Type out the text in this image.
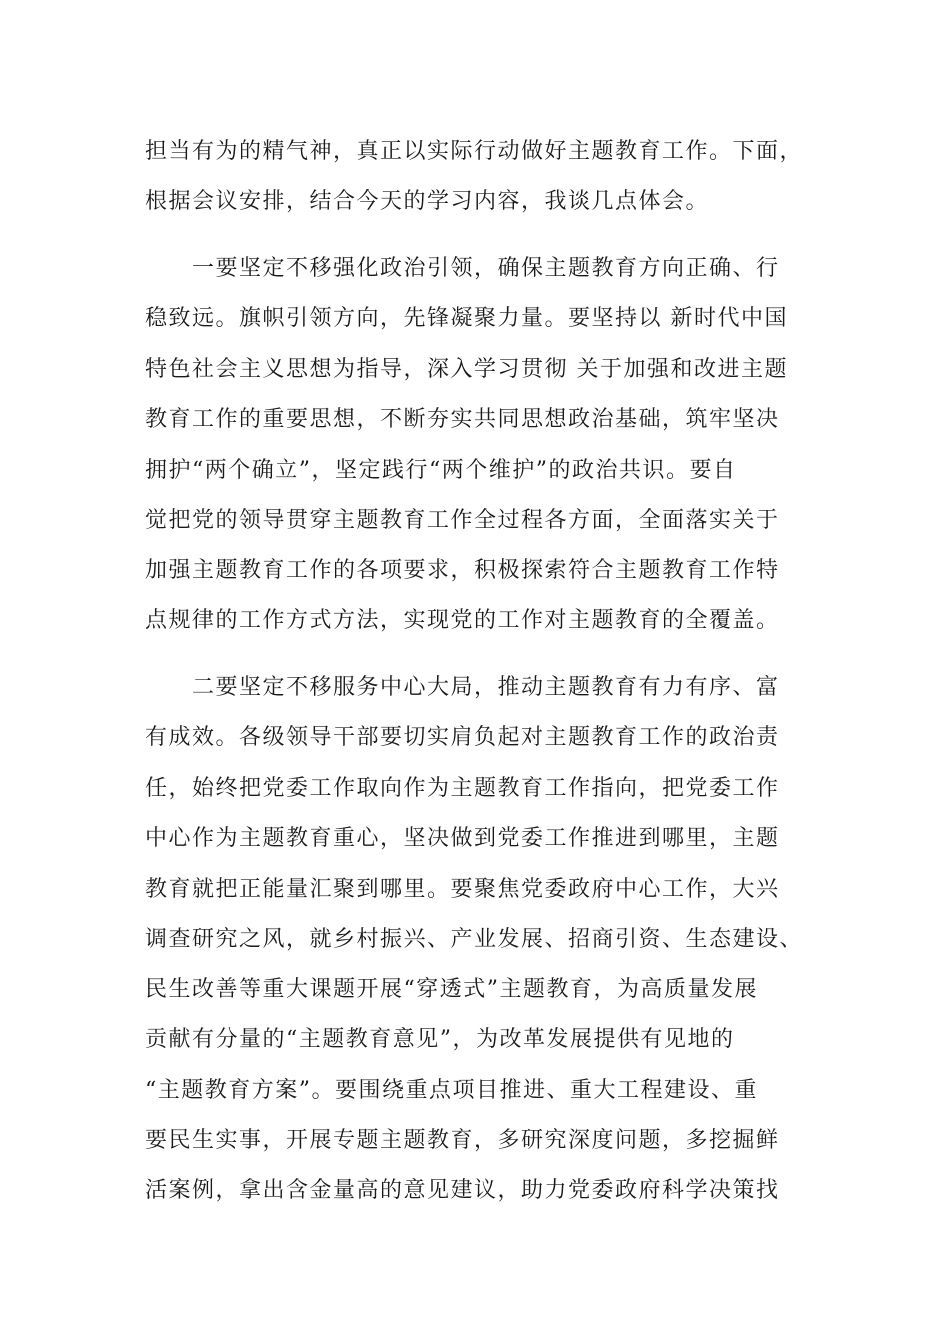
担当有为的精气神，真正以实际行动做好主题教育工作。下面，
根据会议安排，结合今天的学习内容，我谈几点体会。
一要坚定不移强化政治引领，确保主题教育方向正确、行
稳致远。旗帜引领方向，先锋凝聚力量。要坚持以 新时代中国
特色社会主义思想为指导，深入学习贯彻 关于加强和改进主题
教育工作的重要思想，不断夯实共同思想政治基础，筑牢坚决
拥护“两个确立”，坚定践行“两个维护”的政治共识。要自
觉把党的领导贯穿主题教育工作全过程各方面，全面落实关于
加强主题教育工作的各项要求，积极探索符合主题教育工作特
点规律的工作方式方法，实现党的工作对主题教育的全覆盖。
二要坚定不移服务中心大局，推动主题教育有力有序、富
有成效。各级领导干部要切实肩负起对主题教育工作的政治责
任，始终把党委工作取向作为主题教育工作指向，把党委工作
中心作为主题教育重心，坚决做到党委工作推进到哪里，主题
教育就把正能量汇聚到哪里。要聚焦党委政府中心工作，大兴
调查研究之风，就乡村振兴、产业发展、招商引资、生态建设、
民生改善等重大课题开展“穿透式”主题教育，为高质量发展
贡献有分量的“主题教育意见”，为改革发展提供有见地的
“主题教育方案”。要围绕重点项目推进、重大工程建设、重
要民生实事，开展专题主题教育，多研究深度问题，多挖掘鲜
活案例，拿出含金量高的意见建议，助力党委政府科学决策找
